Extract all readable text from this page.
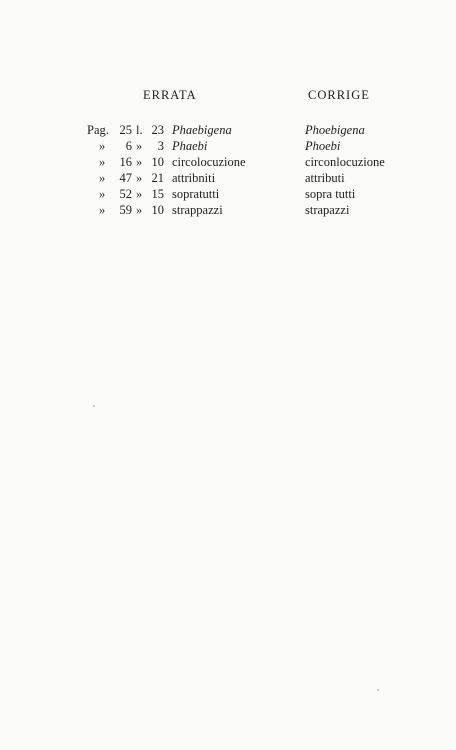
ERRATA	CORRIGE
Pag. 25 l. 23 Phaebigena	Phoebigena
»	6 »	3 Phaebi	Phoebi
»	16 » 10 circolocuzione	circonlocuzione
»	47 » 21 attribniti	attributi
»	52 » 15 sopratutti	sopra tutti
»	59 » 10 strappazzi	strapazzi
